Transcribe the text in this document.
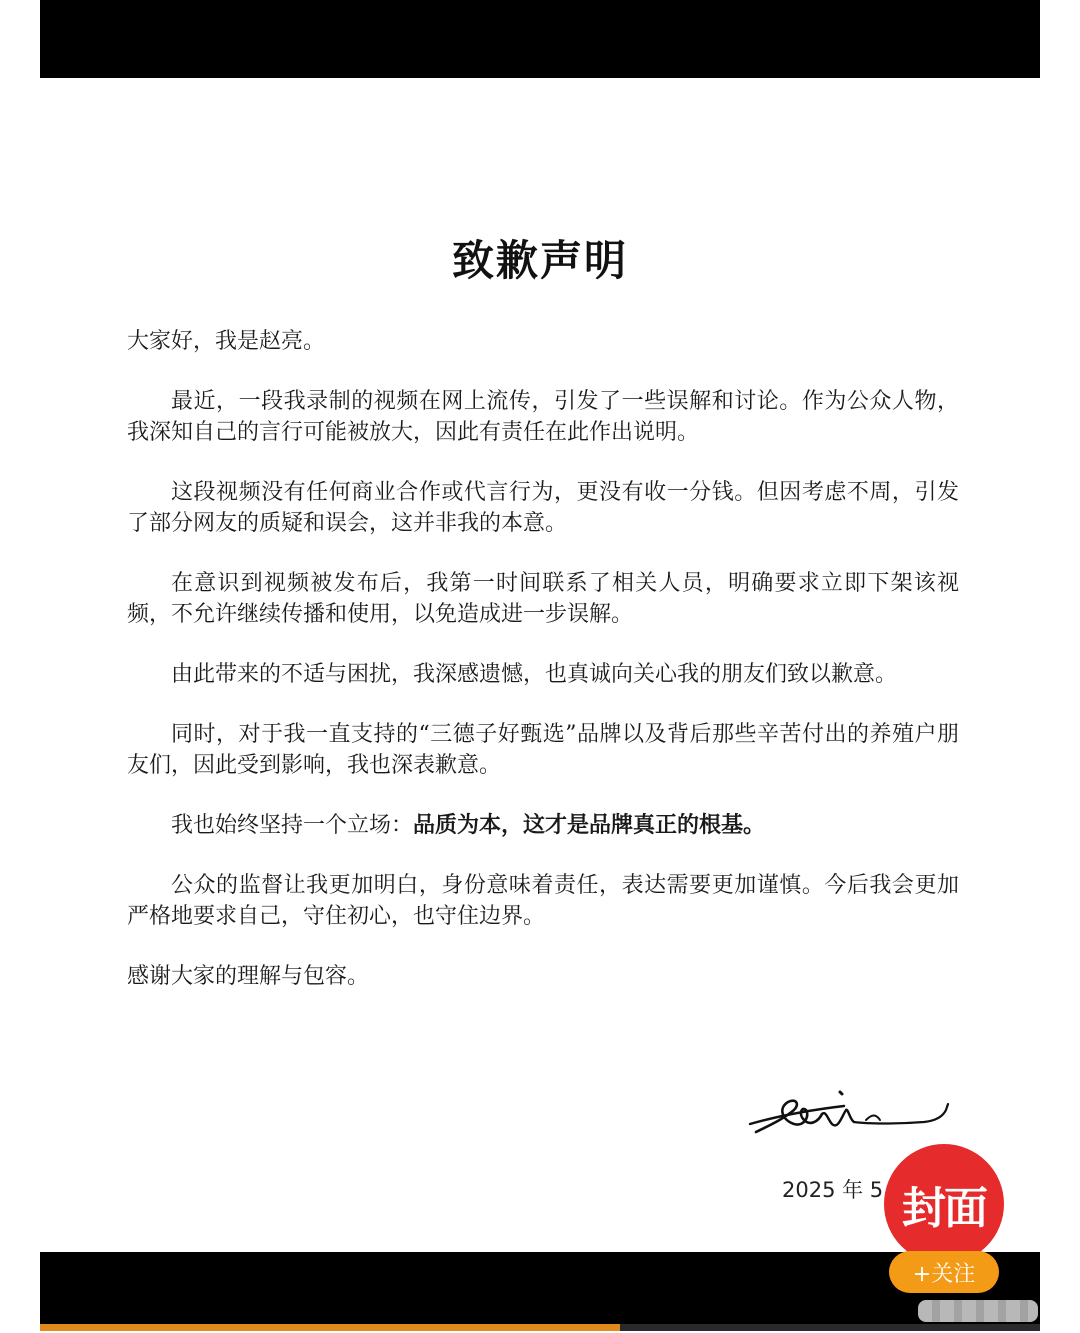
致歉声明

大家好，我是赵亮。

最近，一段我录制的视频在网上流传，引发了一些误解和讨论。作为公众人物，我深知自己的言行可能被放大，因此有责任在此作出说明。

这段视频没有任何商业合作或代言行为，更没有收一分钱。但因考虑不周，引发了部分网友的质疑和误会，这并非我的本意。

在意识到视频被发布后，我第一时间联系了相关人员，明确要求立即下架该视频，不允许继续传播和使用，以免造成进一步误解。

由此带来的不适与困扰，我深感遗憾，也真诚向关心我的朋友们致以歉意。

同时，对于我一直支持的“三德子好甄选”品牌以及背后那些辛苦付出的养殖户朋友们，因此受到影响，我也深表歉意。

我也始终坚持一个立场：品质为本，这才是品牌真正的根基。

公众的监督让我更加明白，身份意味着责任，表达需要更加谨慎。今后我会更加严格地要求自己，守住初心，也守住边界。

感谢大家的理解与包容。

2025 年 5 封面
+关注
